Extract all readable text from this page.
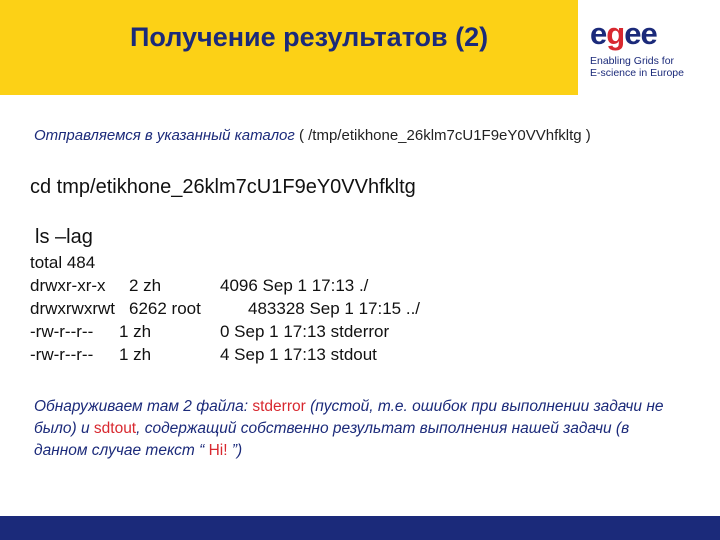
Получение результатов (2)	egee
Enabling Grids for
E-science in Europe
Отправляемся в указанный каталог ( /tmp/etikhone_26klm7cU1F9eY0VVhfkltg )
cd tmp/etikhone_26klm7cU1F9eY0VVhfkltg
ls –lag
total 484
drwxr-xr-x 2 zh	4096 Sep 1 17:13 ./
drwxrwxrwt 6262 root	483328 Sep 1 17:15 ../
-rw-r--r-- 1 zh	0 Sep 1 17:13 stderror
-rw-r--r-- 1 zh	4 Sep 1 17:13 stdout
Обнаруживаем там 2 файла: stderror (пустой, т.е. ошибок при выполнении задачи не было) и sdtout, содержащий собственно результат выполнения нашей задачи (в данном случае текст “ Hi! ”)
